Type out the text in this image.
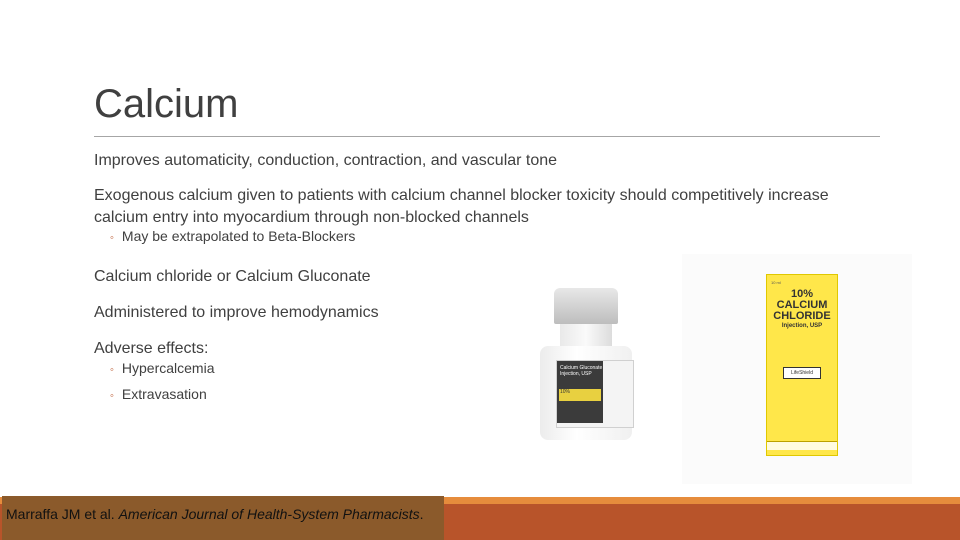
Calcium
Improves automaticity, conduction, contraction, and vascular tone
Exogenous calcium given to patients with calcium channel blocker toxicity should competitively increase calcium entry into myocardium through non-blocked channels
◦ May be extrapolated to Beta-Blockers
Calcium chloride or Calcium Gluconate
Administered to improve hemodynamics
Adverse effects:
◦ Hypercalcemia
◦ Extravasation
Calcium Gluconate
Injection, USP
10%
10 ml
10%
CALCIUM
CHLORIDE
Injection, USP
LifeShield
Marraffa JM et al. American Journal of Health-System Pharmacists.
